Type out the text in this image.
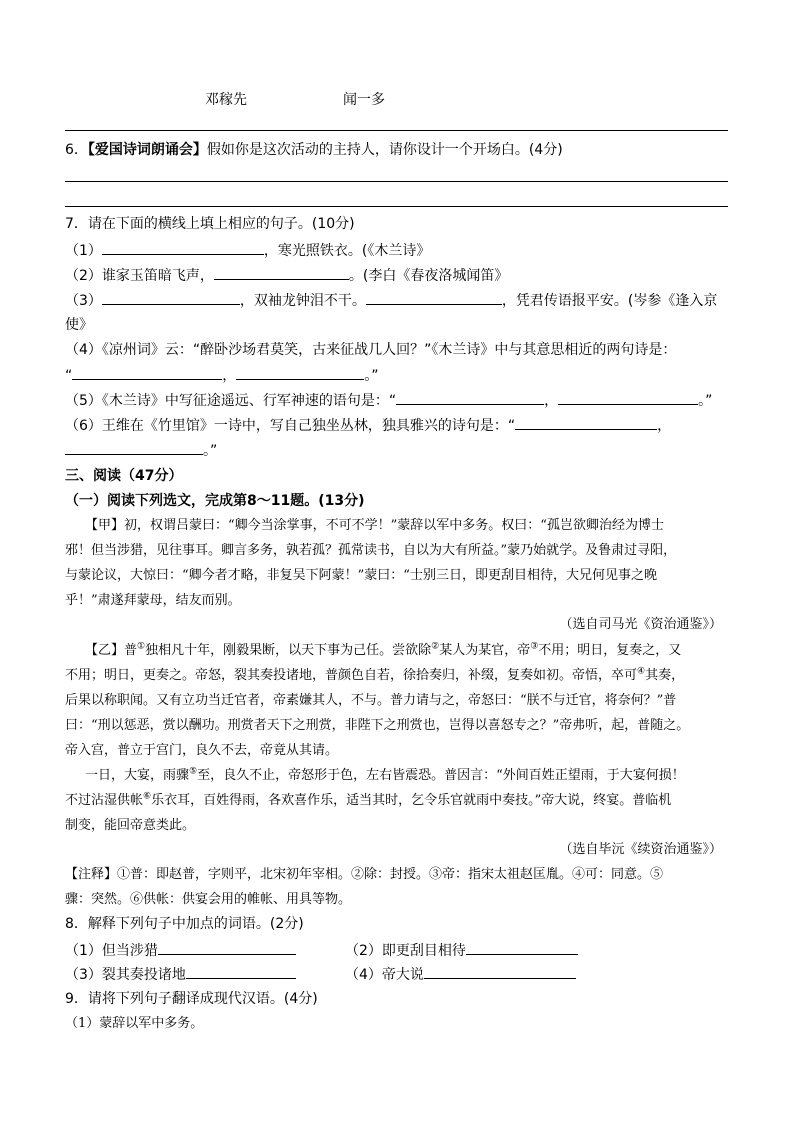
邓稼先	闻一多
6．【爱国诗词朗诵会】假如你是这次活动的主持人，请你设计一个开场白。(4分)
7．请在下面的横线上填上相应的句子。(10分)
（1）	，寒光照铁衣。(《木兰诗》
（2）谁家玉笛暗飞声，	。(李白《春夜洛城闻笛》
（3）	，双袖龙钟泪不干。	，凭君传语报平安。(岑参《逢入京
使》
（4）《凉州词》云：“醉卧沙场君莫笑，古来征战几人回？”《木兰诗》中与其意思相近的两句诗是：
“	，	。”
（5）《木兰诗》中写征途遥远、行军神速的语句是：“	，	。”
（6）王维在《竹里馆》一诗中，写自己独坐丛林，独具雅兴的诗句是：“	，
。”
三、阅读（47分）
（一）阅读下列选文，完成第8～11题。(13分)
【甲】初，权谓吕蒙曰：“卿今当涂掌事，不可不学！”蒙辞以军中多务。权曰：“孤岂欲卿治经为博士
邪！但当涉猎，见往事耳。卿言多务，孰若孤？孤常读书，自以为大有所益。”蒙乃始就学。及鲁肃过寻阳，
与蒙论议，大惊曰：“卿今者才略，非复吴下阿蒙！”蒙曰：“士别三日，即更刮目相待，大兄何见事之晚
乎！”肃遂拜蒙母，结友而别。
（选自司马光《资治通鉴》）
【乙】普①独相凡十年，刚毅果断，以天下事为己任。尝欲除②某人为某官，帝③不用；明日，复奏之，又
不用；明日，更奏之。帝怒，裂其奏投诸地，普颜色自若，徐拾奏归，补缀，复奏如初。帝悟，卒可④其奏，
后果以称职闻。又有立功当迁官者，帝素嫌其人，不与。普力请与之，帝怒曰：“朕不与迁官，将奈何？”普
曰：“刑以惩恶，赏以酬功。刑赏者天下之刑赏，非陛下之刑赏也，岂得以喜怒专之？”帝弗听，起，普随之。
帝入宫，普立于宫门，良久不去，帝竟从其请。
一日，大宴，雨骤⑤至，良久不止，帝怒形于色，左右皆震恐。普因言：“外间百姓正望雨，于大宴何损！
不过沾湿供帐⑥乐衣耳，百姓得雨，各欢喜作乐，适当其时，乞令乐官就雨中奏技。”帝大说，终宴。普临机
制变，能回帝意类此。
（选自毕沅《续资治通鉴》）
【注释】①普：即赵普，字则平，北宋初年宰相。②除：封授。③帝：指宋太祖赵匡胤。④可：同意。⑤
骤：突然。⑥供帐：供宴会用的帷帐、用具等物。
8．解释下列句子中加点的词语。(2分)
（1）但当涉猎	（2）即更刮目相待
（3）裂其奏投诸地	（4）帝大说
9．请将下列句子翻译成现代汉语。(4分)
（1）蒙辞以军中多务。
